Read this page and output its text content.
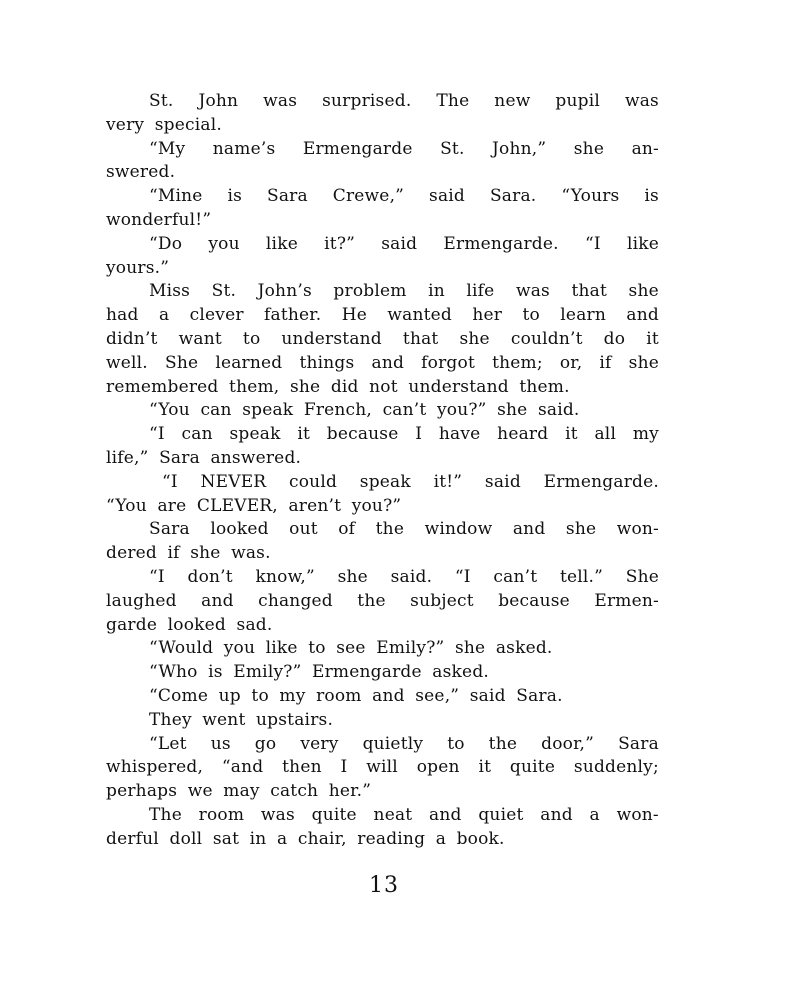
St. John was surprised. The new pupil was
very special.
“My name’s Ermengarde St. John,” she an-
swered.
“Mine is Sara Crewe,” said Sara. “Yours is
wonderful!”
“Do you like it?” said Ermengarde. “I like
yours.”
Miss St. John’s problem in life was that she
had a clever father. He wanted her to learn and
didn’t want to understand that she couldn’t do it
well. She learned things and forgot them; or, if she
remembered them, she did not understand them.
“You can speak French, can’t you?” she said.
“I can speak it because I have heard it all my
life,” Sara answered.
“I NEVER could speak it!” said Ermengarde.
“You are CLEVER, aren’t you?”
Sara looked out of the window and she won-
dered if she was.
“I don’t know,” she said. “I can’t tell.” She
laughed and changed the subject because Ermen-
garde looked sad.
“Would you like to see Emily?” she asked.
“Who is Emily?” Ermengarde asked.
“Come up to my room and see,” said Sara.
They went upstairs.
“Let us go very quietly to the door,” Sara
whispered, “and then I will open it quite suddenly;
perhaps we may catch her.”
The room was quite neat and quiet and a won-
derful doll sat in a chair, reading a book.
13
